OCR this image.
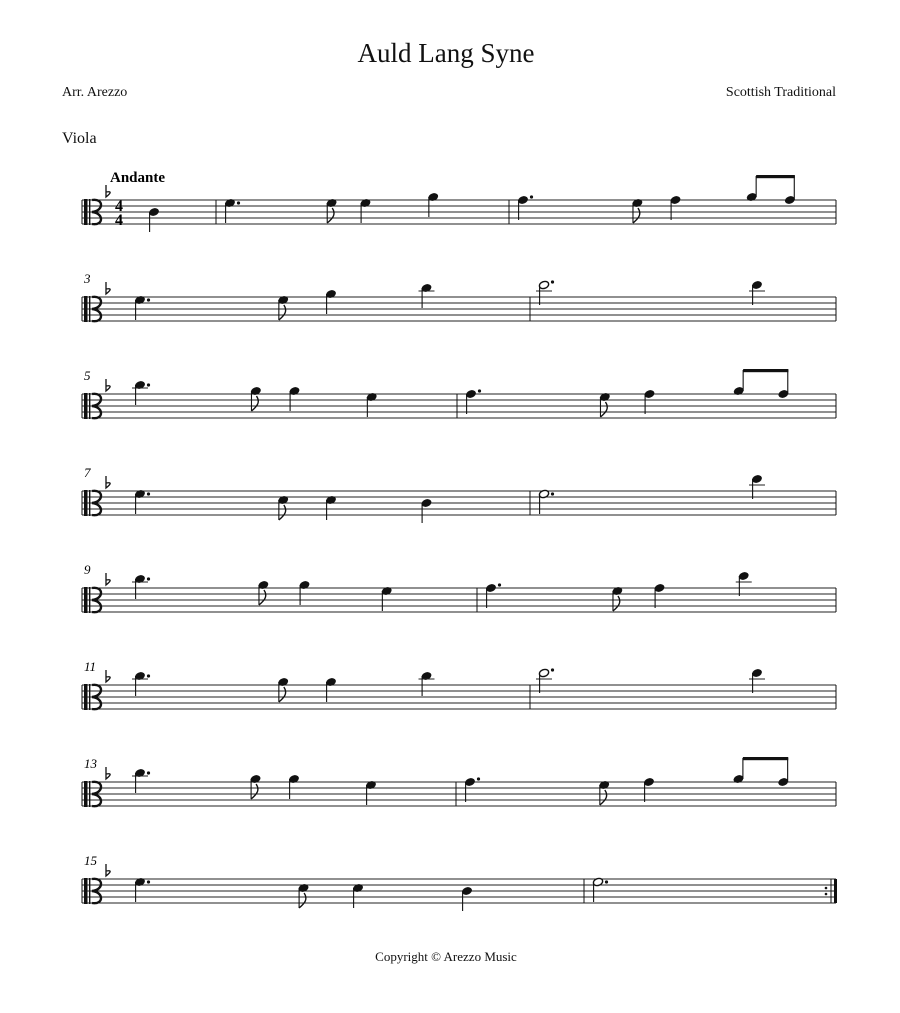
Auld Lang Syne
Arr. Arezzo	Scottish Traditional
Viola
Andante
4
4
3
5
7
9
11
13
15
Copyright © Arezzo Music
